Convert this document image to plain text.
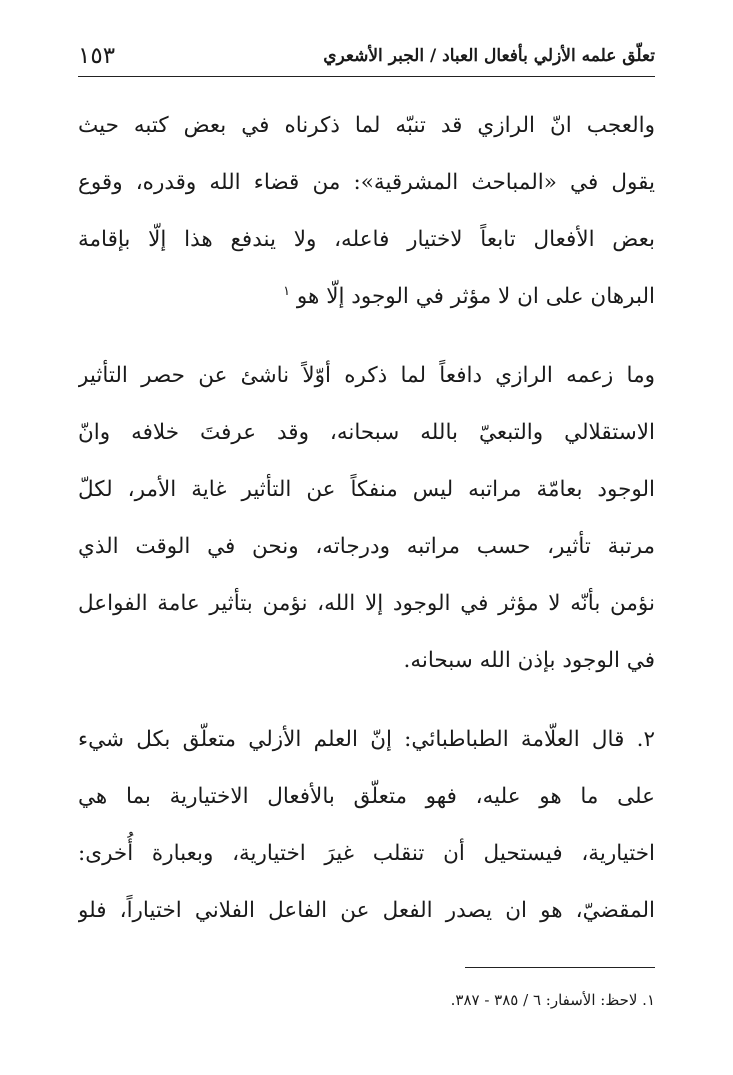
تعلّق علمه الأزلي بأفعال العباد / الجبر الأشعري
١٥٣
والعجب انّ الرازي قد تنبّه لما ذكرناه في بعض كتبه حيث
يقول في «المباحث المشرقية»: من قضاء الله وقدره، وقوع
بعض الأفعال تابعاً لاختيار فاعله، ولا يندفع هذا إلّا بإقامة
البرهان على ان لا مؤثر في الوجود إلّا هو $^١$
وما زعمه الرازي دافعاً لما ذكره أوّلاً ناشئ عن حصر التأثير
الاستقلالي والتبعيّ بالله سبحانه، وقد عرفتَ خلافه وانّ
الوجود بعامّة مراتبه ليس منفكاً عن التأثير غاية الأمر، لكلّ
مرتبة تأثير، حسب مراتبه ودرجاته، ونحن في الوقت الذي
نؤمن بأنّه لا مؤثر في الوجود إلا الله، نؤمن بتأثير عامة الفواعل
في الوجود بإذن الله سبحانه.
٢. قال العلّامة الطباطبائي: إنّ العلم الأزلي متعلّق بكل شيء
على ما هو عليه، فهو متعلّق بالأفعال الاختيارية بما هي
اختيارية، فيستحيل أن تنقلب غيرَ اختيارية، وبعبارة أُخرى:
المقضيّ، هو ان يصدر الفعل عن الفاعل الفلاني اختياراً، فلو
١. لاحظ: الأسفار: ٦ / ٣٨٥ - ٣٨٧.
